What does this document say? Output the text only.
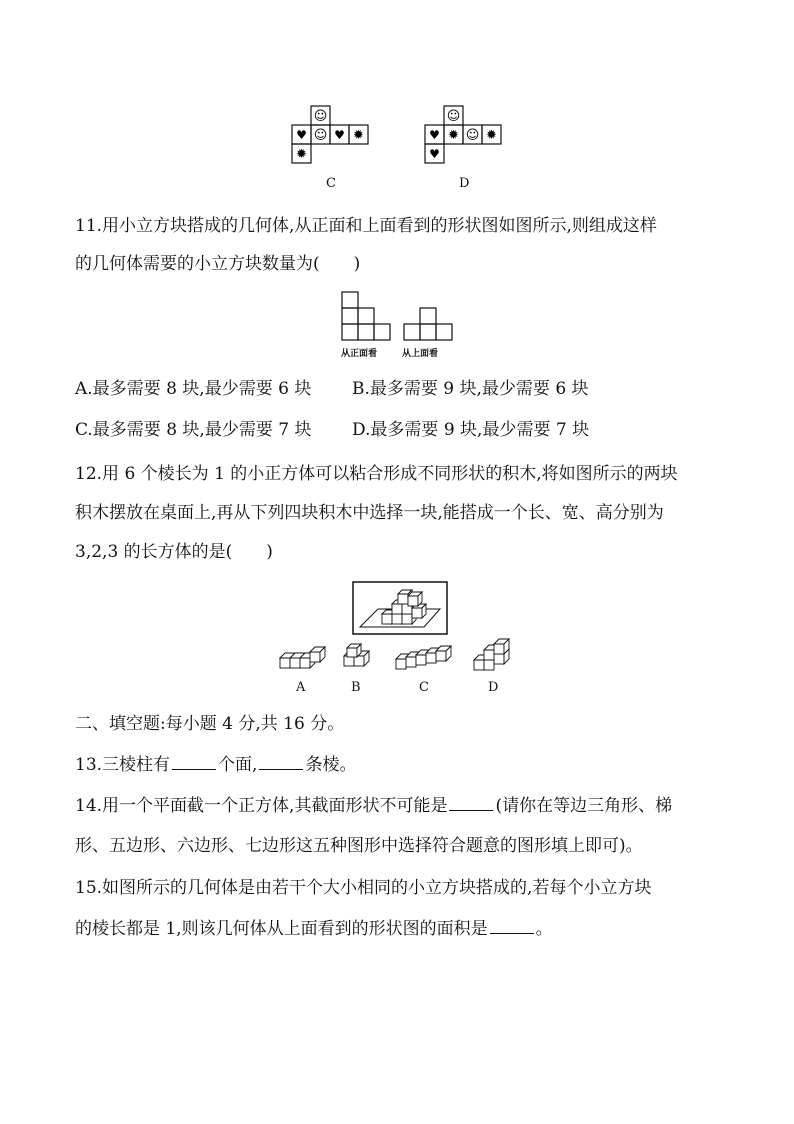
☺
♥ ☺ ♥ ✹
✹
C
☺
♥ ✹ ☺ ✹
♥
D
11.用小立方块搭成的几何体,从正面和上面看到的形状图如图所示,则组成这样
的几何体需要的小立方块数量为(　　)
从正面看	从上面看
A.最多需要 8 块,最少需要 6 块 B.最多需要 9 块,最少需要 6 块
C.最多需要 8 块,最少需要 7 块 D.最多需要 9 块,最少需要 7 块
12.用 6 个棱长为 1 的小正方体可以粘合形成不同形状的积木,将如图所示的两块
积木摆放在桌面上,再从下列四块积木中选择一块,能搭成一个长、宽、高分别为
3,2,3 的长方体的是(　　)
A	B	C	D
二、填空题:每小题 4 分,共 16 分。
13.三棱柱有	个面,	条棱。
14.用一个平面截一个正方体,其截面形状不可能是	(请你在等边三角形、梯
形、五边形、六边形、七边形这五种图形中选择符合题意的图形填上即可)。
15.如图所示的几何体是由若干个大小相同的小立方块搭成的,若每个小立方块
的棱长都是 1,则该几何体从上面看到的形状图的面积是	。
